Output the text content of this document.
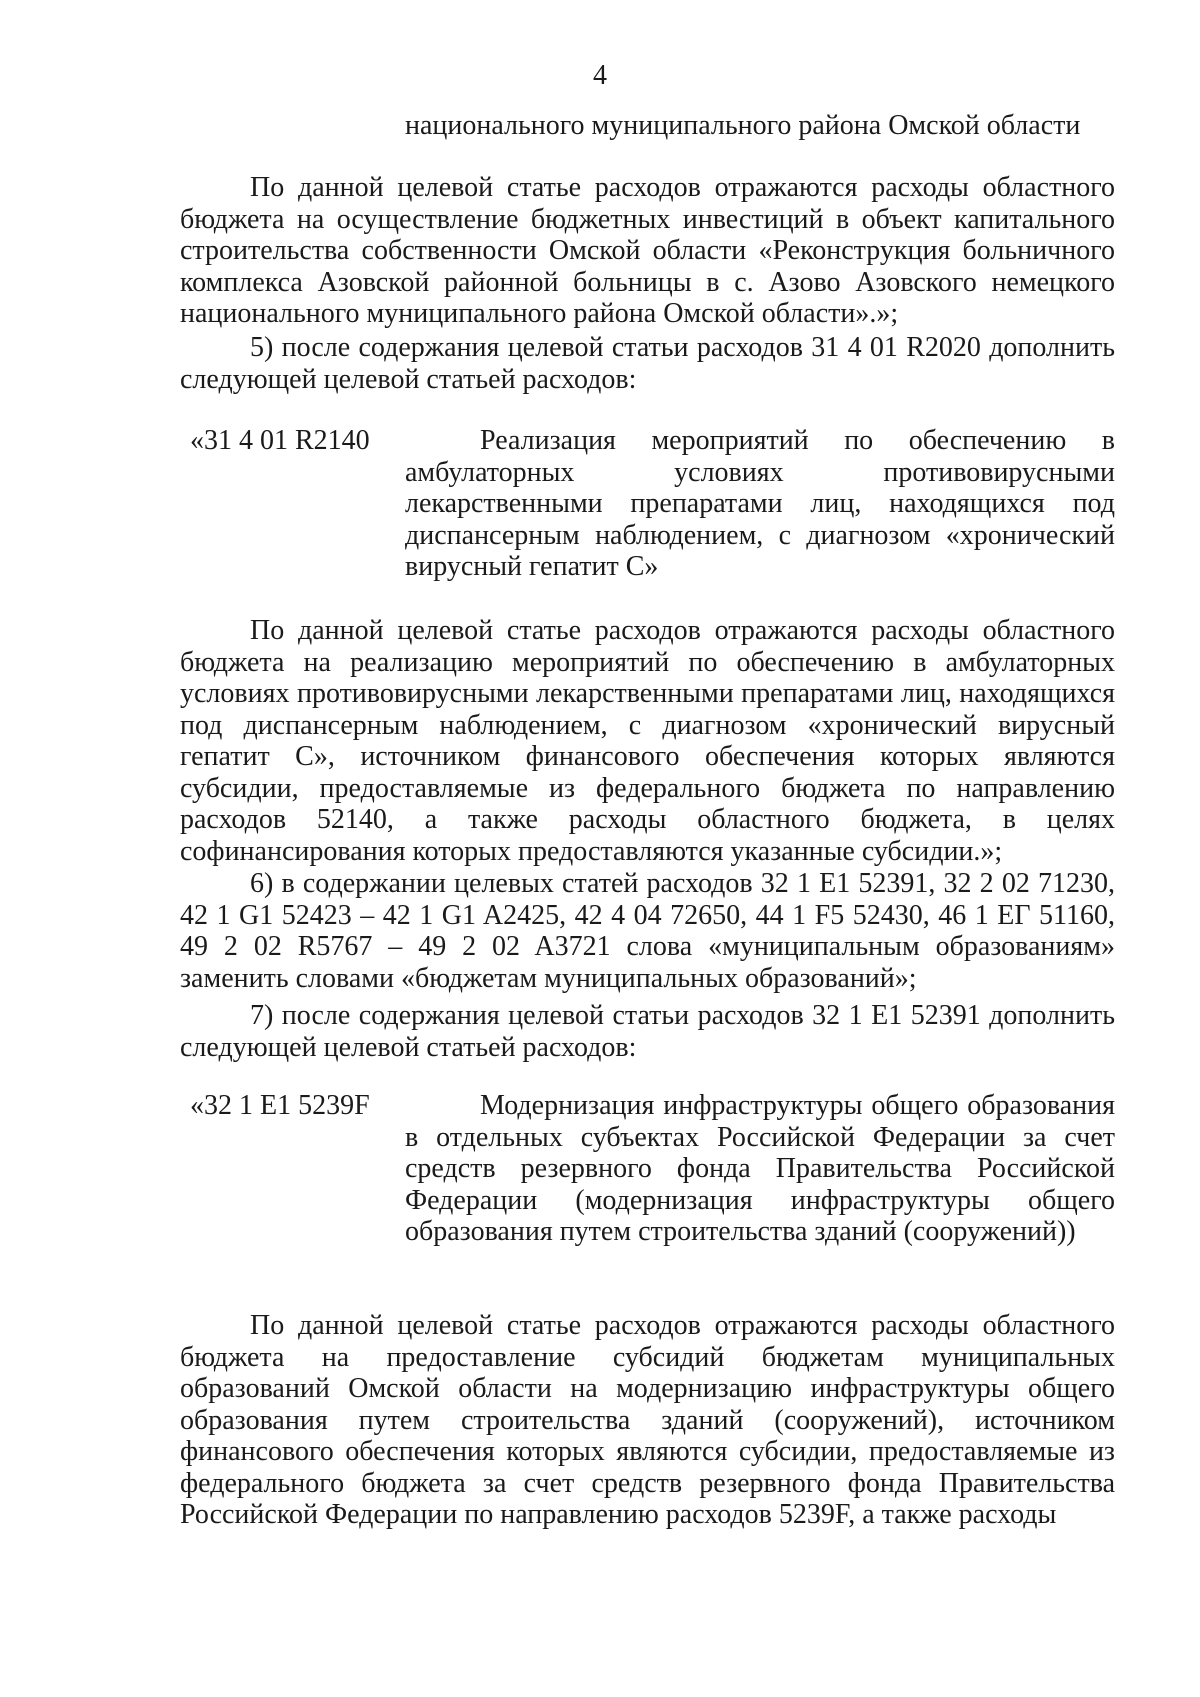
4
национального муниципального района Омской области

По данной целевой статье расходов отражаются расходы областного бюджета на осуществление бюджетных инвестиций в объект капитального строительства собственности Омской области «Реконструкция больничного комплекса Азовской районной больницы в с. Азово Азовского немецкого национального муниципального района Омской области».»;

5) после содержания целевой статьи расходов 31 4 01 R2020 дополнить следующей целевой статьей расходов:

«31 4 01 R2140	Реализация мероприятий по обеспечению в амбулаторных условиях противовирусными лекарственными препаратами лиц, находящихся под диспансерным наблюдением, с диагнозом «хронический вирусный гепатит С»

По данной целевой статье расходов отражаются расходы областного бюджета на реализацию мероприятий по обеспечению в амбулаторных условиях противовирусными лекарственными препаратами лиц, находящихся под диспансерным наблюдением, с диагнозом «хронический вирусный гепатит С», источником финансового обеспечения которых являются субсидии, предоставляемые из федерального бюджета по направлению расходов 52140, а также расходы областного бюджета, в целях софинансирования которых предоставляются указанные субсидии.»;

6) в содержании целевых статей расходов 32 1 Е1 52391, 32 2 02 71230, 42 1 G1 52423 – 42 1 G1 A2425, 42 4 04 72650, 44 1 F5 52430, 46 1 ЕГ 51160, 49 2 02 R5767 – 49 2 02 A3721 слова «муниципальным образованиям» заменить словами «бюджетам муниципальных образований»;

7) после содержания целевой статьи расходов 32 1 Е1 52391 дополнить следующей целевой статьей расходов:

«32 1 Е1 5239F	Модернизация инфраструктуры общего образования в отдельных субъектах Российской Федерации за счет средств резервного фонда Правительства Российской Федерации (модернизация инфраструктуры общего образования путем строительства зданий (сооружений))

По данной целевой статье расходов отражаются расходы областного бюджета на предоставление субсидий бюджетам муниципальных образований Омской области на модернизацию инфраструктуры общего образования путем строительства зданий (сооружений), источником финансового обеспечения которых являются субсидии, предоставляемые из федерального бюджета за счет средств резервного фонда Правительства Российской Федерации по направлению расходов 5239F, а также расходы
